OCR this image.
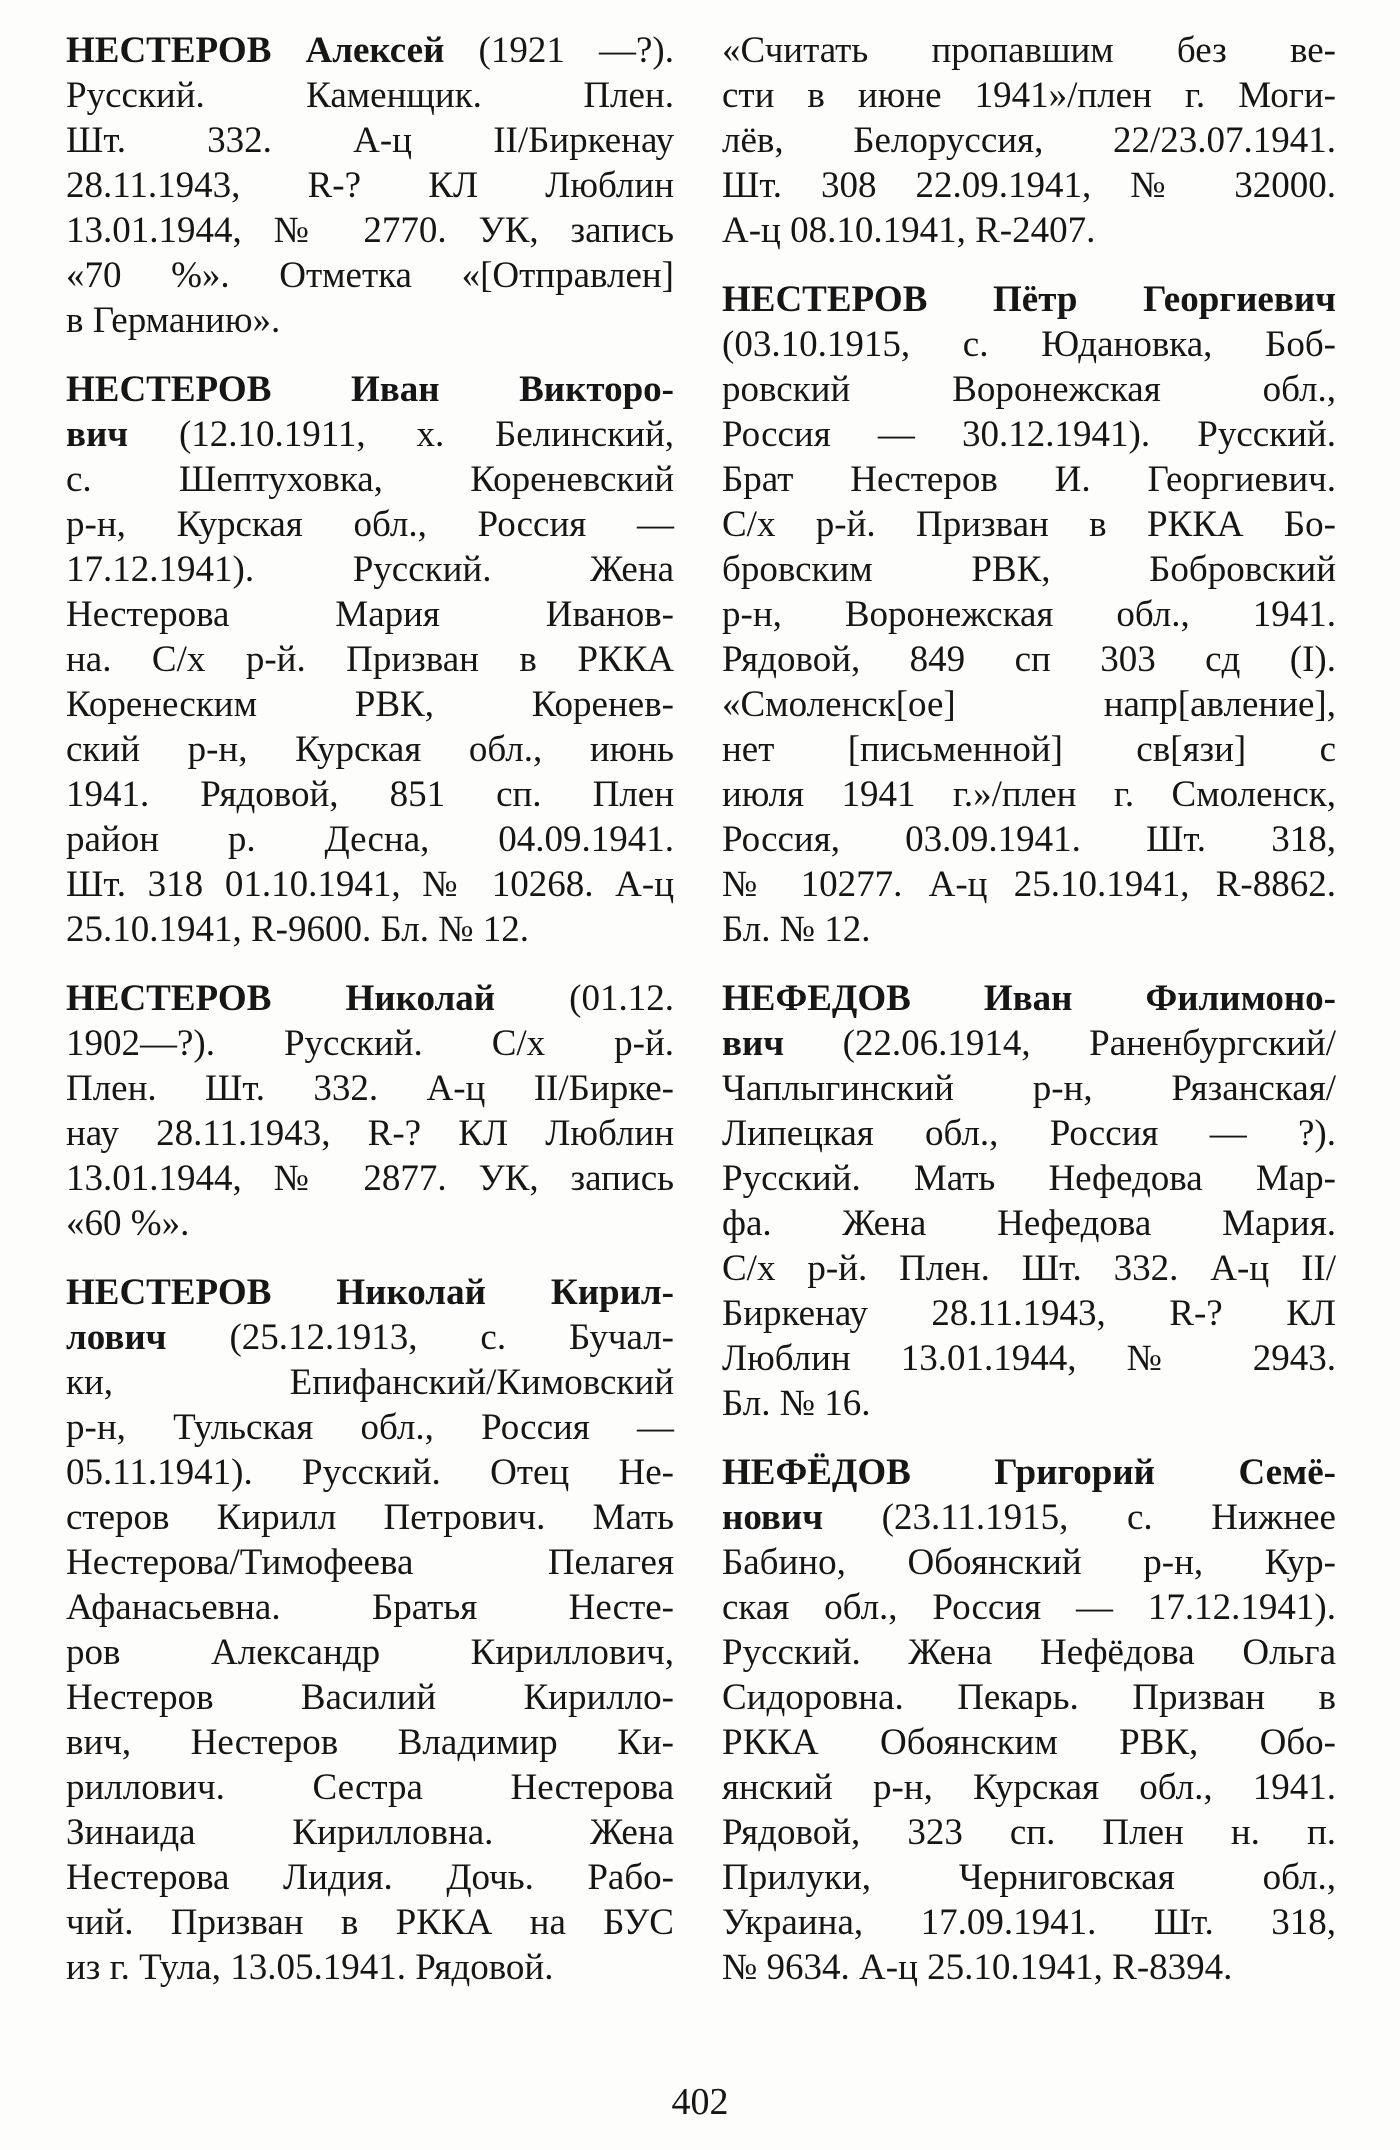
НЕСТЕРОВ Алексей (1921 —?).
Русский. Каменщик. Плен.
Шт. 332. А-ц II/Биркенау
28.11.1943, R-? КЛ Люблин
13.01.1944, № 2770. УК, запись
«70 %». Отметка «[Отправлен]
в Германию».
НЕСТЕРОВ Иван Викторо-
вич (12.10.1911, х. Белинский,
с. Шептуховка, Кореневский
р-н, Курская обл., Россия —
17.12.1941). Русский. Жена
Нестерова Мария Иванов-
на. С/х р-й. Призван в РККА
Коренеским РВК, Коренев-
ский р-н, Курская обл., июнь
1941. Рядовой, 851 сп. Плен
район р. Десна, 04.09.1941.
Шт. 318 01.10.1941, № 10268. А-ц
25.10.1941, R-9600. Бл. № 12.
НЕСТЕРОВ Николай (01.12.
1902—?). Русский. С/х р-й.
Плен. Шт. 332. А-ц II/Бирке-
нау 28.11.1943, R-? КЛ Люблин
13.01.1944, № 2877. УК, запись
«60 %».
НЕСТЕРОВ Николай Кирил-
лович (25.12.1913, с. Бучал-
ки, Епифанский/Кимовский
р-н, Тульская обл., Россия —
05.11.1941). Русский. Отец Не-
стеров Кирилл Петрович. Мать
Нестерова/Тимофеева Пелагея
Афанасьевна. Братья Несте-
ров Александр Кириллович,
Нестеров Василий Кирилло-
вич, Нестеров Владимир Ки-
риллович. Сестра Нестерова
Зинаида Кирилловна. Жена
Нестерова Лидия. Дочь. Рабо-
чий. Призван в РККА на БУС
из г. Тула, 13.05.1941. Рядовой.
«Считать пропавшим без ве-
сти в июне 1941»/плен г. Моги-
лёв, Белоруссия, 22/23.07.1941.
Шт. 308 22.09.1941, № 32000.
А-ц 08.10.1941, R-2407.
НЕСТЕРОВ Пётр Георгиевич
(03.10.1915, с. Юдановка, Боб-
ровский Воронежская обл.,
Россия — 30.12.1941). Русский.
Брат Нестеров И. Георгиевич.
С/х р-й. Призван в РККА Бо-
бровским РВК, Бобровский
р-н, Воронежская обл., 1941.
Рядовой, 849 сп 303 сд (I).
«Смоленск[ое] напр[авление],
нет [письменной] св[язи] с
июля 1941 г.»/плен г. Смоленск,
Россия, 03.09.1941. Шт. 318,
№ 10277. А-ц 25.10.1941, R-8862.
Бл. № 12.
НЕФЕДОВ Иван Филимоно-
вич (22.06.1914, Раненбургский/
Чаплыгинский р-н, Рязанская/
Липецкая обл., Россия — ?).
Русский. Мать Нефедова Мар-
фа. Жена Нефедова Мария.
С/х р-й. Плен. Шт. 332. А-ц II/
Биркенау 28.11.1943, R-? КЛ
Люблин 13.01.1944, № 2943.
Бл. № 16.
НЕФЁДОВ Григорий Семё-
нович (23.11.1915, с. Нижнее
Бабино, Обоянский р-н, Кур-
ская обл., Россия — 17.12.1941).
Русский. Жена Нефёдова Ольга
Сидоровна. Пекарь. Призван в
РККА Обоянским РВК, Обо-
янский р-н, Курская обл., 1941.
Рядовой, 323 сп. Плен н. п.
Прилуки, Черниговская обл.,
Украина, 17.09.1941. Шт. 318,
№ 9634. А-ц 25.10.1941, R-8394.
402
